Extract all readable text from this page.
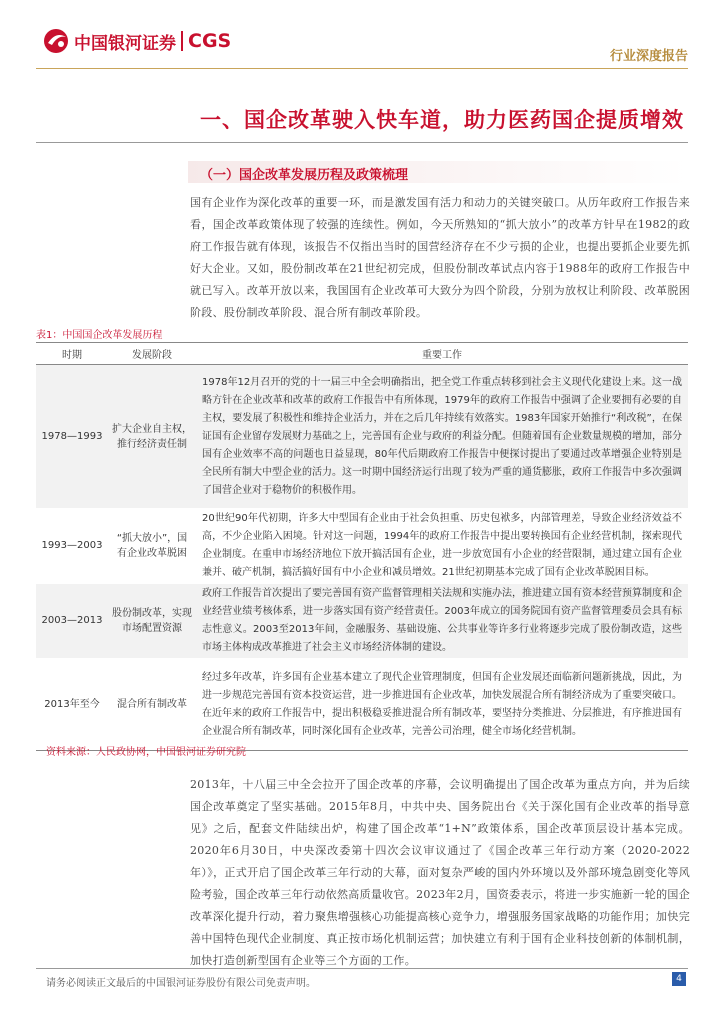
中国银河证券 CGS
行业深度报告
一、国企改革驶入快车道，助力医药国企提质增效
（一）国企改革发展历程及政策梳理

国有企业作为深化改革的重要一环，而是激发国有活力和动力的关键突破口。从历年政府工作报告来看，国企改革政策体现了较强的连续性。例如，今天所熟知的“抓大放小”的改革方针早在1982的政府工作报告就有体现，该报告不仅指出当时的国营经济存在不少亏损的企业，也提出要抓企业要先抓好大企业。又如，股份制改革在21世纪初完成，但股份制改革试点内容于1988年的政府工作报告中就已写入。改革开放以来，我国国有企业改革可大致分为四个阶段，分别为放权让利阶段、改革脱困阶段、股份制改革阶段、混合所有制改革阶段。

表1：中国国企改革发展历程
时期	发展阶段	重要工作
1978—1993	扩大企业自主权，推行经济责任制	1978年12月召开的党的十一届三中全会明确指出，把全党工作重点转移到社会主义现代化建设上来。这一战略方针在企业改革和改革的政府工作报告中有所体现，1979年的政府工作报告中强调了企业要拥有必要的自主权，要发展了积极性和维持企业活力，并在之后几年持续有效落实。1983年国家开始推行“利改税”，在保证国有企业留存发展财力基础之上，完善国有企业与政府的利益分配。但随着国有企业数量规模的增加，部分国有企业效率不高的问题也日益显现，80年代后期政府工作报告中便探讨提出了要通过改革增强企业特别是全民所有制大中型企业的活力。这一时期中国经济运行出现了较为严重的通货膨胀，政府工作报告中多次强调了国营企业对于稳物价的积极作用。
1993—2003	“抓大放小”，国有企业改革脱困	20世纪90年代初期，许多大中型国有企业由于社会负担重、历史包袱多，内部管理差，导致企业经济效益不高，不少企业陷入困境。针对这一问题，1994年的政府工作报告中提出要转换国有企业经营机制，探索现代企业制度。在重申市场经济地位下放开搞活国有企业，进一步放宽国有小企业的经营限制，通过建立国有企业兼并、破产机制，搞活搞好国有中小企业和减员增效。21世纪初期基本完成了国有企业改革脱困目标。
2003—2013	股份制改革，实现市场配置资源	政府工作报告首次提出了要完善国有资产监督管理相关法规和实施办法，推进建立国有资本经营预算制度和企业经营业绩考核体系，进一步落实国有资产经营责任。2003年成立的国务院国有资产监督管理委员会具有标志性意义。2003至2013年间，金融服务、基础设施、公共事业等许多行业将逐步完成了股份制改造，这些市场主体构成改革推进了社会主义市场经济体制的建设。
2013年至今	混合所有制改革	经过多年改革，许多国有企业基本建立了现代企业管理制度，但国有企业发展还面临新问题新挑战，因此，为进一步规范完善国有资本投资运营，进一步推进国有企业改革，加快发展混合所有制经济成为了重要突破口。在近年来的政府工作报告中，提出积极稳妥推进混合所有制改革，要坚持分类推进、分层推进，有序推进国有企业混合所有制改革，同时深化国有企业改革，完善公司治理，健全市场化经营机制。
资料来源：人民政协网，中国银河证券研究院

2013年，十八届三中全会拉开了国企改革的序幕，会议明确提出了国企改革为重点方向，并为后续国企改革奠定了坚实基础。2015年8月，中共中央、国务院出台《关于深化国有企业改革的指导意见》之后，配套文件陆续出炉，构建了国企改革“1+N”政策体系，国企改革顶层设计基本完成。2020年6月30日，中央深改委第十四次会议审议通过了《国企改革三年行动方案（2020-2022年）》，正式开启了国企改革三年行动的大幕，面对复杂严峻的国内外环境以及外部环境急剧变化等风险考验，国企改革三年行动依然高质量收官。2023年2月，国资委表示，将进一步实施新一轮的国企改革深化提升行动，着力聚焦增强核心功能提高核心竞争力，增强服务国家战略的功能作用；加快完善中国特色现代企业制度、真正按市场化机制运营；加快建立有利于国有企业科技创新的体制机制，加快打造创新型国有企业等三个方面的工作。

请务必阅读正文最后的中国银河证券股份有限公司免责声明。	4
